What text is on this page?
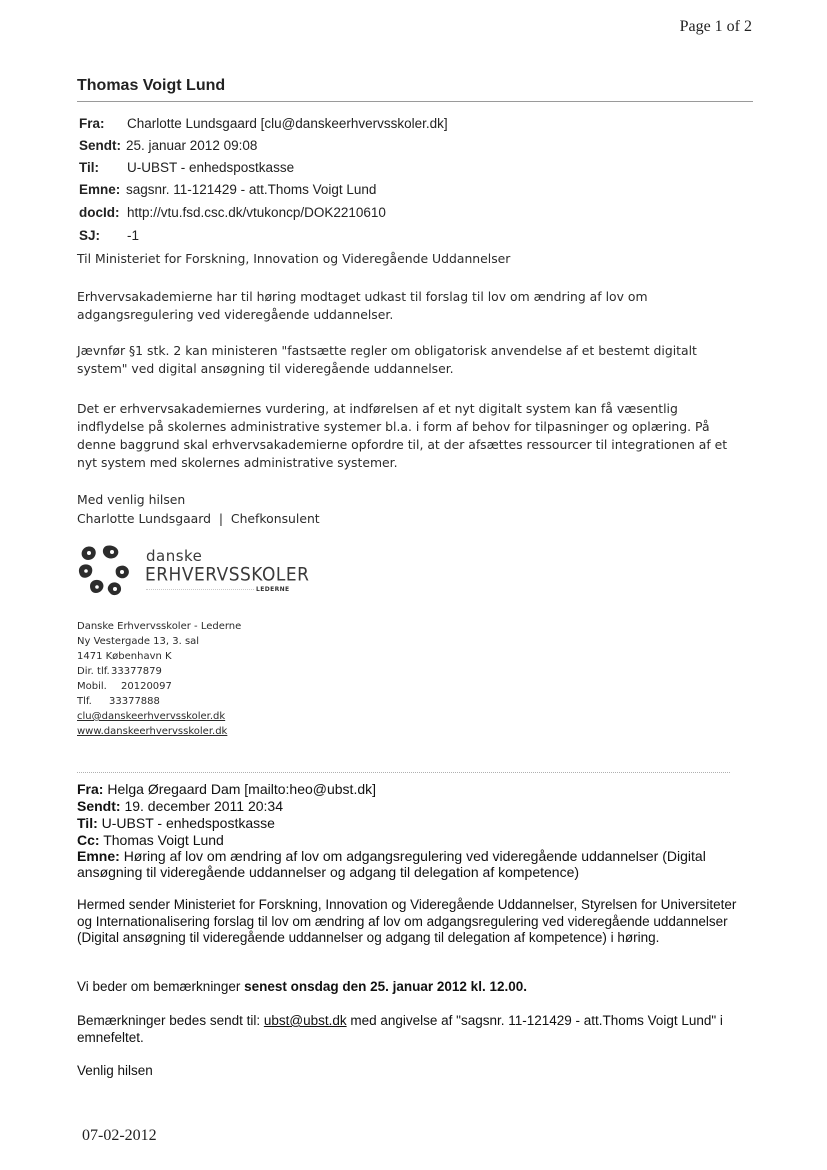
Page 1 of 2
Thomas Voigt Lund
Fra: Charlotte Lundsgaard [clu@danskeerhvervsskoler.dk]
Sendt: 25. januar 2012 09:08
Til: U-UBST - enhedspostkasse
Emne: sagsnr. 11-121429 - att.Thoms Voigt Lund
docId: http://vtu.fsd.csc.dk/vtukoncp/DOK2210610
SJ: -1
Til Ministeriet for Forskning, Innovation og Videregående Uddannelser
Erhvervsakademierne har til høring modtaget udkast til forslag til lov om ændring af lov om adgangsregulering ved videregående uddannelser.
Jævnfør §1 stk. 2 kan ministeren "fastsætte regler om obligatorisk anvendelse af et bestemt digitalt system" ved digital ansøgning til videregående uddannelser.
Det er erhvervsakademiernes vurdering, at indførelsen af et nyt digitalt system kan få væsentlig indflydelse på skolernes administrative systemer bl.a. i form af behov for tilpasninger og oplæring. På denne baggrund skal erhvervsakademierne opfordre til, at der afsættes ressourcer til integrationen af et nyt system med skolernes administrative systemer.
Med venlig hilsen
Charlotte Lundsgaard  |  Chefkonsulent
danske
ERHVERVSSKOLER
LEDERNE
Danske Erhvervsskoler - Lederne
Ny Vestergade 13, 3. sal
1471 København K
Dir. tlf.33377879
Mobil. 20120097
Tlf. 33377888
clu@danskeerhvervsskoler.dk
www.danskeerhvervsskoler.dk
Fra: Helga Øregaard Dam [mailto:heo@ubst.dk]
Sendt: 19. december 2011 20:34
Til: U-UBST - enhedspostkasse
Cc: Thomas Voigt Lund
Emne: Høring af lov om ændring af lov om adgangsregulering ved videregående uddannelser (Digital
ansøgning til videregående uddannelser og adgang til delegation af kompetence)
Hermed sender Ministeriet for Forskning, Innovation og Videregående Uddannelser, Styrelsen for Universiteter og Internationalisering forslag til lov om ændring af lov om adgangsregulering ved videregående uddannelser (Digital ansøgning til videregående uddannelser og adgang til delegation af kompetence) i høring.
Vi beder om bemærkninger senest onsdag den 25. januar 2012 kl. 12.00.
Bemærkninger bedes sendt til: ubst@ubst.dk med angivelse af "sagsnr. 11-121429 - att.Thoms Voigt Lund" i emnefeltet.
Venlig hilsen
07-02-2012
